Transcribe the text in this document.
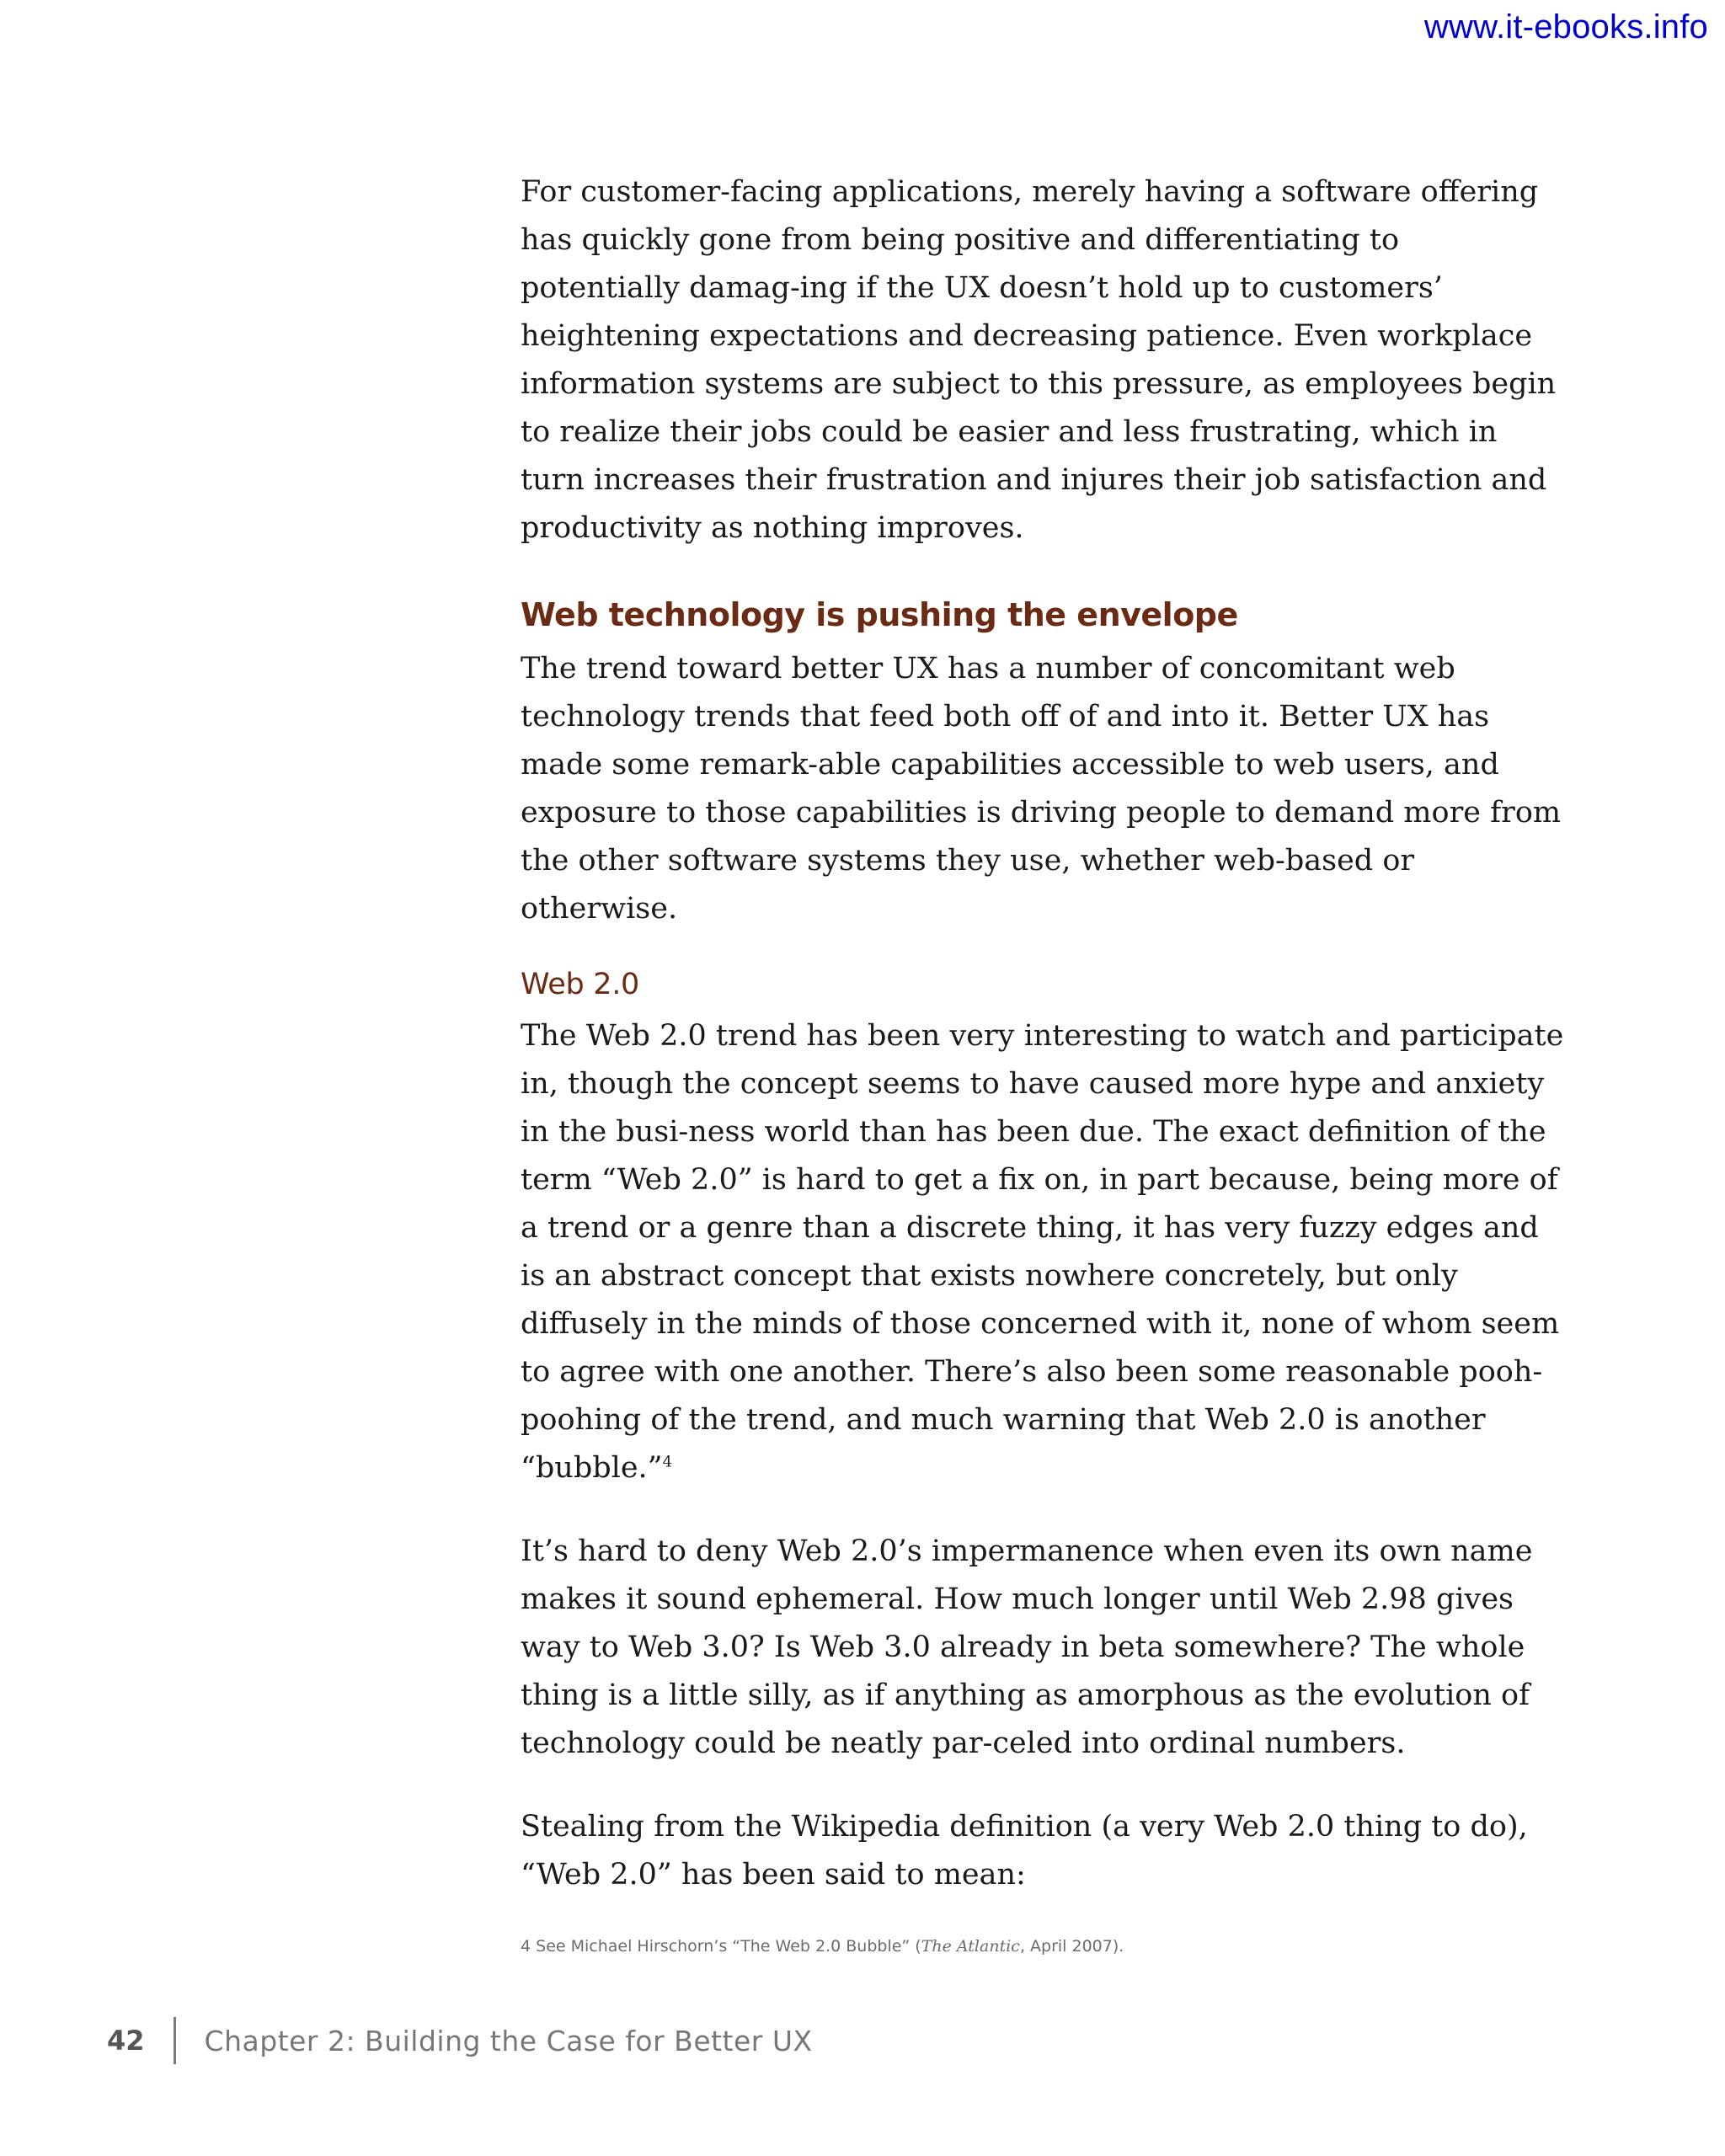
www.it-ebooks.info

For customer-facing applications, merely having a software offering has quickly gone from being positive and differentiating to potentially damag-ing if the UX doesn’t hold up to customers’ heightening expectations and decreasing patience. Even workplace information systems are subject to this pressure, as employees begin to realize their jobs could be easier and less frustrating, which in turn increases their frustration and injures their job satisfaction and productivity as nothing improves.

Web technology is pushing the envelope

The trend toward better UX has a number of concomitant web technology trends that feed both off of and into it. Better UX has made some remark-able capabilities accessible to web users, and exposure to those capabilities is driving people to demand more from the other software systems they use, whether web-based or otherwise.

Web 2.0

The Web 2.0 trend has been very interesting to watch and participate in, though the concept seems to have caused more hype and anxiety in the busi-ness world than has been due. The exact definition of the term “Web 2.0” is hard to get a fix on, in part because, being more of a trend or a genre than a discrete thing, it has very fuzzy edges and is an abstract concept that exists nowhere concretely, but only diffusely in the minds of those concerned with it, none of whom seem to agree with one another. There’s also been some reasonable pooh-poohing of the trend, and much warning that Web 2.0 is another “bubble.”$^4$

It’s hard to deny Web 2.0’s impermanence when even its own name makes it sound ephemeral. How much longer until Web 2.98 gives way to Web 3.0? Is Web 3.0 already in beta somewhere? The whole thing is a little silly, as if anything as amorphous as the evolution of technology could be neatly par-celed into ordinal numbers.

Stealing from the Wikipedia definition (a very Web 2.0 thing to do), “Web 2.0” has been said to mean:

4 See Michael Hirschorn’s “The Web 2.0 Bubble” (The Atlantic, April 2007).
42 Chapter 2: Building the Case for Better UX
